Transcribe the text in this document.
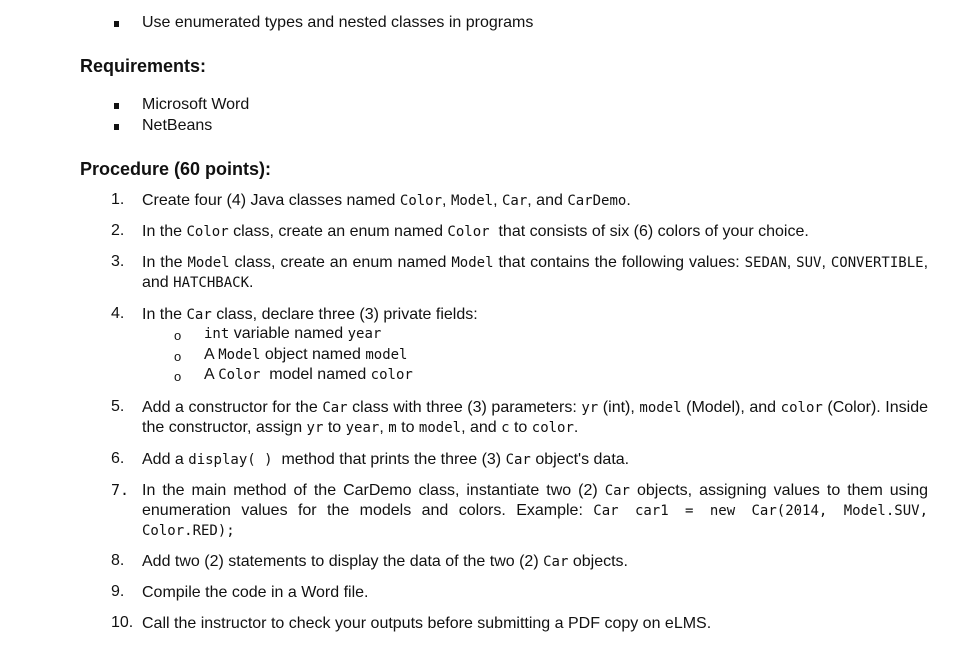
Use enumerated types and nested classes in programs
Requirements:
Microsoft Word
NetBeans
Procedure (60 points):
1. Create four (4) Java classes named Color, Model, Car, and CarDemo.
2. In the Color class, create an enum named Color  that consists of six (6) colors of your choice.
3. In the Model class, create an enum named Model that contains the following values: SEDAN, SUV, CONVERTIBLE, and HATCHBACK.
4. In the Car class, declare three (3) private fields:
o int variable named year
o A Model object named model
o A Color  model named color
5. Add a constructor for the Car class with three (3) parameters: yr (int), model (Model), and color (Color). Inside the constructor, assign yr to year, m to model, and c to color.
6. Add a display( )  method that prints the three (3) Car object's data.
7. In the main method of the CarDemo class, instantiate two (2) Car objects, assigning values to them using enumeration values for the models and colors. Example: Car car1 = new Car(2014, Model.SUV, Color.RED);
8. Add two (2) statements to display the data of the two (2) Car objects.
9. Compile the code in a Word file.
10. Call the instructor to check your outputs before submitting a PDF copy on eLMS.
